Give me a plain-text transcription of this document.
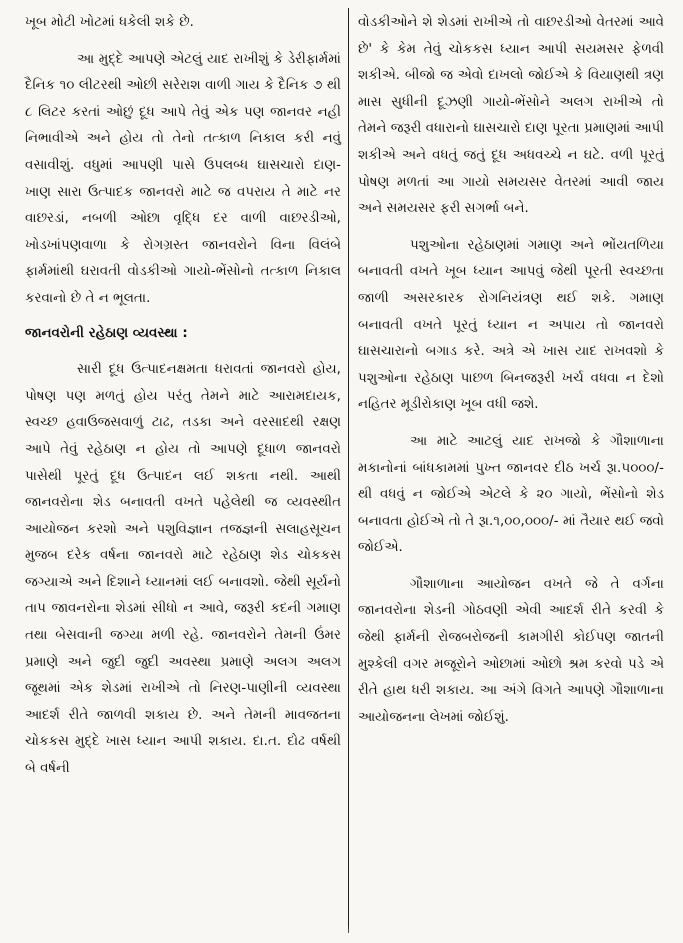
ખૂબ મોટી ખોટમાં ધકેલી શકે છે.

આ મુદ્દે આપણે એટલું યાદ રાખીશું કે ડેરીફાર્મમાં દૈનિક ૧૦ લીટરથી ઓછી સરેરાશ વાળી ગાય કે દૈનિક ૭ થી ૮ લિટર કરતાં ઓછું દૂધ આપે તેવું એક પણ જાનવર નહી નિભાવીએ અને હોય તો તેનો તત્કાળ નિકાલ કરી નવું વસાવીશું. વધુમાં આપણી પાસે ઉપલબ્ધ ઘાસચારો દાણ- ખાણ સારા ઉત્પાદક જાનવરો માટે જ વપરાય તે માટે નર વાછરડાં, નબળી ઓછા વૃદ્ધિ દર વાળી વાછરડીઓ, ખોડખાંપણવાળા કે રોગગ્રસ્ત જાનવરોને વિના વિલંબે ફાર્મમાંથી ઘરાવતી વોડકીઓ ગાયો-ભેંસોનો તત્કાળ નિકાલ કરવાનો છે તે ન ભૂલતા.

જાનવરોની રહેઠાણ વ્યવસ્થા :

સારી દૂધ ઉત્પાદનક્ષમતા ધરાવતાં જાનવરો હોય, પોષણ પણ મળતું હોય પરંતુ તેમને માટે આરામદાયક, સ્વચ્છ હવાઉજસવાળું ટાઢ, તડકા અને વરસાદથી રક્ષણ આપે તેવું રહેઠાણ ન હોય તો આપણે દૂધાળ જાનવરો પાસેથી પૂરતું દૂધ ઉત્પાદન લઈ શકતા નથી. આથી જાનવરોના શેડ બનાવતી વખતે પહેલેથી જ વ્યવસ્થીત આયોજન કરશો અને પશુવિજ્ઞાન તજજ્ઞની સલાહસૂચન મુજબ દરેક વર્ષના જાનવરો માટે રહેઠાણ શેડ ચોકકસ જગ્યાએ અને દિશાને ધ્યાનમાં લઈ બનાવશો. જેથી સૂર્યનો તાપ જાવનરોના શેડમાં સીધો ન આવે, જરૂરી કદની ગમાણ તથા બેસવાની જગ્યા મળી રહે. જાનવરોને તેમની ઉંમર પ્રમાણે અને જુદી જુદી અવસ્થા પ્રમાણે અલગ અલગ જૂથમાં એક શેડમાં રાખીએ તો નિરણ-પાણીની વ્યવસ્થા આદર્શ રીતે જાળવી શકાય છે. અને તેમની માવજતના ચોકકસ મુદ્દે ખાસ ધ્યાન આપી શકાય. દા.ત. દોઢ વર્ષથી બે વર્ષની

વોડકીઓને શે શેડમાં રાખીએ તો વાછરડીઓ વેતરમાં આવે છે' કે કેમ તેવું ચોકકસ ધ્યાન આપી સયમસર ફેળવી શકીએ. બીજો જ એવો દાખલો જોઈએ કે વિયાણથી ત્રણ માસ સુધીની દૂઝણી ગાયો-ભેંસોને અલગ રાખીએ તો તેમને જરૂરી વધારાનો ઘાસચારો દાણ પૂરતા પ્રમાણમાં આપી શકીએ અને વધતું જતું દૂધ અધવચ્ચે ન ઘટે. વળી પૂરતું પોષણ મળતાં આ ગાયો સમયસર વેતરમાં આવી જાય અને સમયસર ફરી સગર્ભા બને.

પશુઓના રહેઠાણમાં ગમાણ અને ભોંયતળિયા બનાવતી વખતે ખૂબ ધ્યાન આપવું જેથી પૂરતી સ્વચ્છતા જાળી અસરકારક રોગનિયંત્રણ થઈ શકે. ગમાણ બનાવતી વખતે પૂરતું ધ્યાન ન અપાય તો જાનવરો ઘાસચારાનો બગાડ કરે. અત્રે એ ખાસ યાદ રાખવશો કે પશુઓના રહેઠાણ પાછળ બિનજરૂરી ખર્ચ વધવા ન દેશો નહિતર મૂડીરોકાણ ખૂબ વધી જશે.

આ માટે આટલું યાદ રાખજો કે ગૌશાળાના મકાનોનાં બાંધકામમાં પુખ્ત જાનવર દીઠ ખર્ચ રૂા.૫૦૦૦/- થી વધવું ન જોઈએ એટલે કે ૨૦ ગાયો, ભેંસોનો શેડ બનાવતા હોઈએ તો તે રૂા.૧,૦૦,૦૦૦/- માં તૈયાર થઈ જવો જોઈએ.

ગૌશાળાના આયોજન વખતે જે તે વર્ગના જાનવરોના શેડની ગોઠવણી એવી આદર્શ રીતે કરવી કે જેથી ફાર્મની રોજબરોજની કામગીરી કોઈપણ જાતની મુશ્કેલી વગર મજૂરોને ઓછામાં ઓછો શ્રમ કરવો પડે એ રીતે હાથ ધરી શકાય. આ અંગે વિગતે આપણે ગૌશાળાના આયોજનના લેખમાં જોઈશું.
